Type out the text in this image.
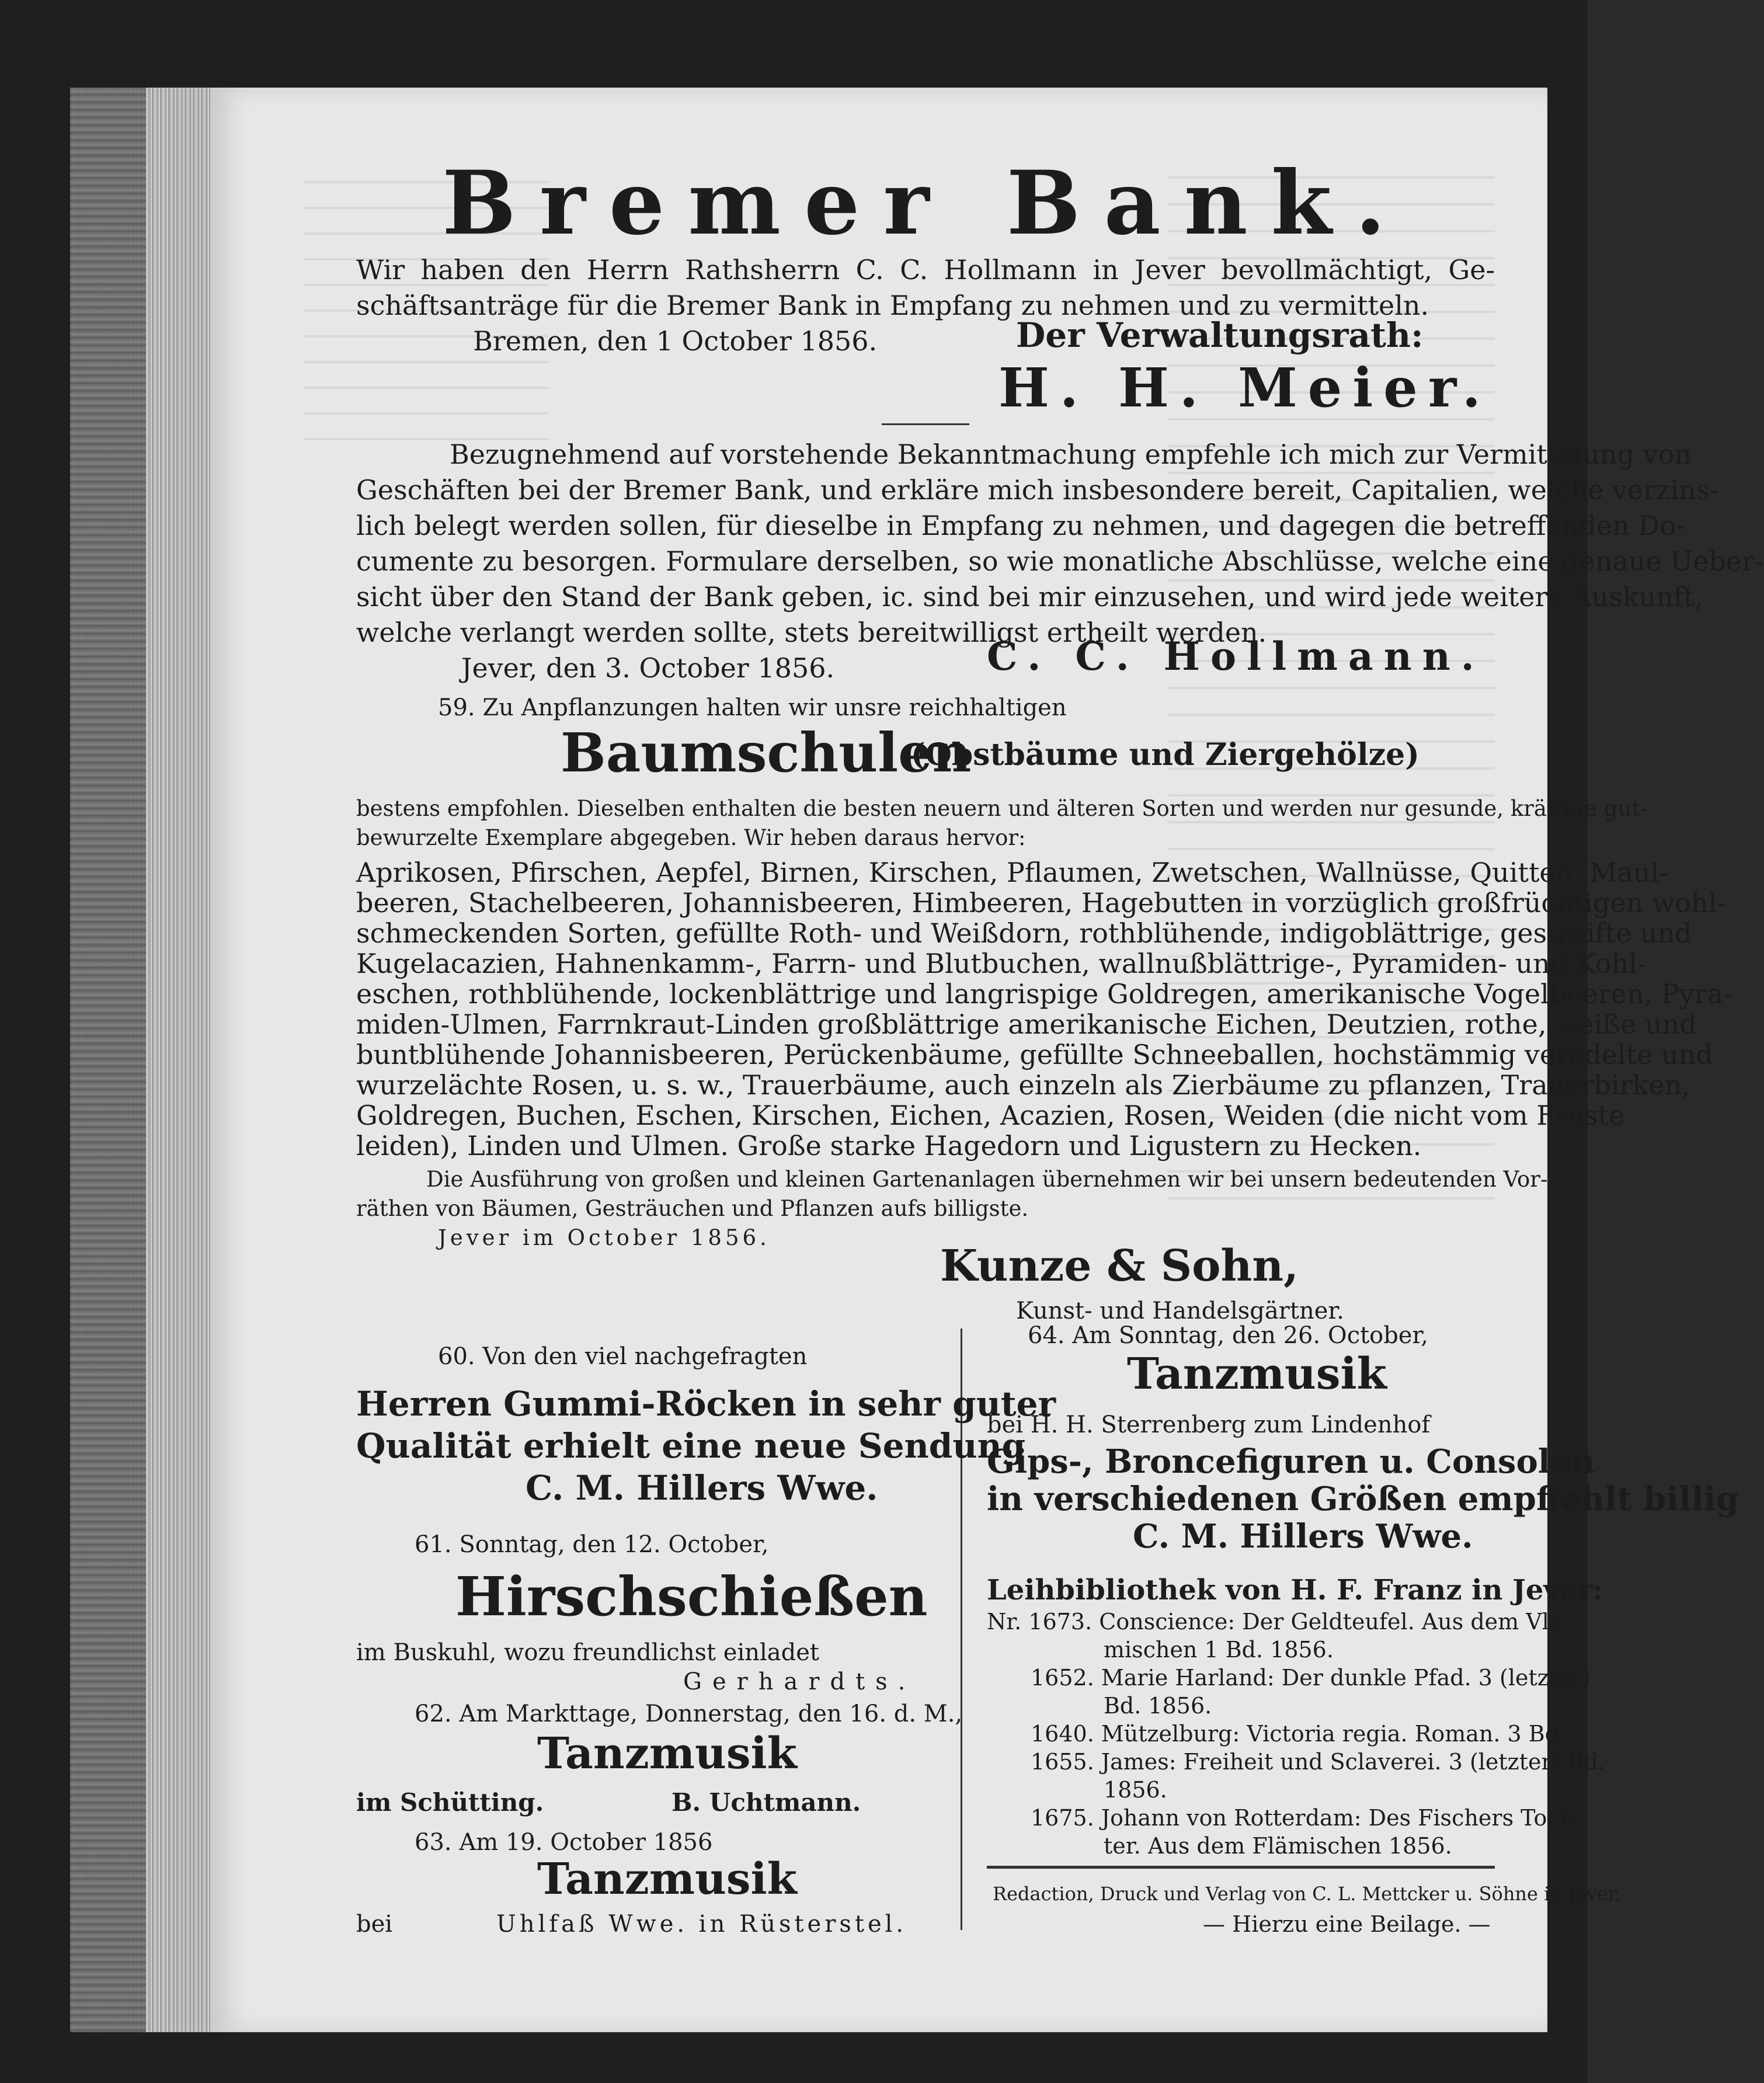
Bremer Bank.
Wir haben den Herrn Rathsherrn C. C. Hollmann in Jever bevollmächtigt, Ge-
schäftsanträge für die Bremer Bank in Empfang zu nehmen und zu vermitteln.
Bremen, den 1 October 1856.	Der Verwaltungsrath:
H. H. Meier.
Bezugnehmend auf vorstehende Bekanntmachung empfehle ich mich zur Vermittelung von
Geschäften bei der Bremer Bank, und erkläre mich insbesondere bereit, Capitalien, welche verzins-
lich belegt werden sollen, für dieselbe in Empfang zu nehmen, und dagegen die betreffenden Do-
cumente zu besorgen. Formulare derselben, so wie monatliche Abschlüsse, welche eine genaue Ueber-
sicht über den Stand der Bank geben, ic. sind bei mir einzusehen, und wird jede weitere Auskunft,
welche verlangt werden sollte, stets bereitwilligst ertheilt werden.
Jever, den 3. October 1856.	C. C. Hollmann.
59. Zu Anpflanzungen halten wir unsre reichhaltigen
Baumschulen
(Obstbäume und Ziergehölze)
bestens empfohlen. Dieselben enthalten die besten neuern und älteren Sorten und werden nur gesunde, kräftige gut-
bewurzelte Exemplare abgegeben. Wir heben daraus hervor:
Aprikosen, Pfirschen, Aepfel, Birnen, Kirschen, Pflaumen, Zwetschen, Wallnüsse, Quitten, Maul-
beeren, Stachelbeeren, Johannisbeeren, Himbeeren, Hagebutten in vorzüglich großfrüchtigen wohl-
schmeckenden Sorten, gefüllte Roth- und Weißdorn, rothblühende, indigoblättrige, gestreifte und
Kugelacazien, Hahnenkamm-, Farrn- und Blutbuchen, wallnußblättrige-, Pyramiden- und Kohl-
eschen, rothblühende, lockenblättrige und langrispige Goldregen, amerikanische Vogelbeeren, Pyra-
miden-Ulmen, Farrnkraut-Linden großblättrige amerikanische Eichen, Deutzien, rothe, weiße und
buntblühende Johannisbeeren, Perückenbäume, gefüllte Schneeballen, hochstämmig veredelte und
wurzelächte Rosen, u. s. w., Trauerbäume, auch einzeln als Zierbäume zu pflanzen, Trauerbirken,
Goldregen, Buchen, Eschen, Kirschen, Eichen, Acazien, Rosen, Weiden (die nicht vom Froste
leiden), Linden und Ulmen. Große starke Hagedorn und Ligustern zu Hecken.
Die Ausführung von großen und kleinen Gartenanlagen übernehmen wir bei unsern bedeutenden Vor-
räthen von Bäumen, Gesträuchen und Pflanzen aufs billigste.
Jever im October 1856.
Kunze & Sohn,
Kunst- und Handelsgärtner.
60. Von den viel nachgefragten
Herren Gummi-Röcken in sehr guter
Qualität erhielt eine neue Sendung
C. M. Hillers Wwe.
61. Sonntag, den 12. October,
Hirschschießen
im Buskuhl, wozu freundlichst einladet
Gerhardts.
62. Am Markttage, Donnerstag, den 16. d. M.,
Tanzmusik
im Schütting.	B. Uchtmann.
63. Am 19. October 1856
Tanzmusik
bei	Uhlfaß Wwe. in Rüsterstel.
64. Am Sonntag, den 26. October,
Tanzmusik
bei H. H. Sterrenberg zum Lindenhof
Gips-, Broncefiguren u. Consolen
in verschiedenen Größen empfiehlt billig
C. M. Hillers Wwe.
Leihbibliothek von H. F. Franz in Jever:
Nr. 1673. Conscience: Der Geldteufel. Aus dem Vlä-
mischen 1 Bd. 1856.
1652. Marie Harland: Der dunkle Pfad. 3 (letzter)
Bd. 1856.
1640. Mützelburg: Victoria regia. Roman. 3 Bd.
1655. James: Freiheit und Sclaverei. 3 (letzter) Bd.
1856.
1675. Johann von Rotterdam: Des Fischers Toch-
ter. Aus dem Flämischen 1856.
Redaction, Druck und Verlag von C. L. Mettcker u. Söhne in Jever.
— Hierzu eine Beilage. —
